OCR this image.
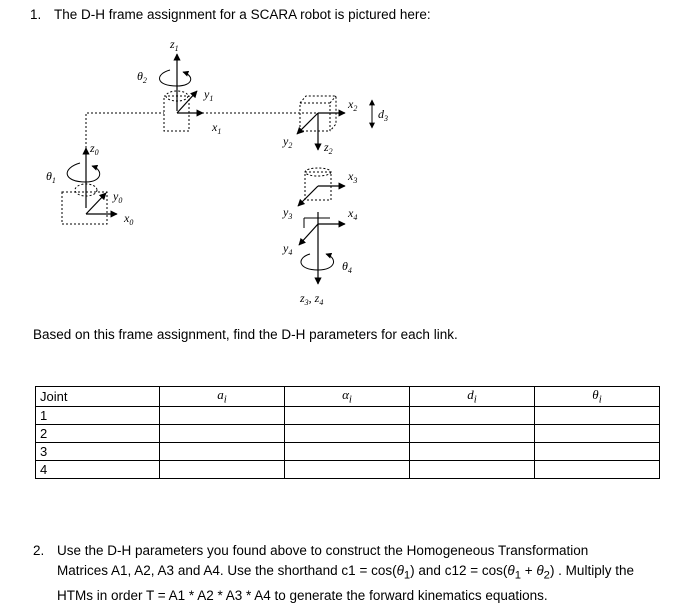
1. The D-H frame assignment for a SCARA robot is pictured here:
$z_0$
$y_0$
$x_0$
$\theta_1$
$z_1$
$y_1$
$x_1$
$\theta_2$
$x_2$
$y_2$	$z_2$
$d_3$
$x_3$
$y_3$	$x_4$
$y_4$
$\theta_4$
$z_3$, $z_4$
Based on this frame assignment, find the D-H parameters for each link.
Joint	$a_i$	$\alpha_i$	$d_i$	$\theta_i$
1				
2				
3				
4				
2. Use the D-H parameters you found above to construct the Homogeneous Transformation
Matrices A1, A2, A3 and A4. Use the shorthand $c1 = \cos(\theta_1)$ and $c12 = \cos(\theta_1 + \theta_2)$ . Multiply the
HTMs in order T = A1 * A2 * A3 * A4 to generate the forward kinematics equations.
